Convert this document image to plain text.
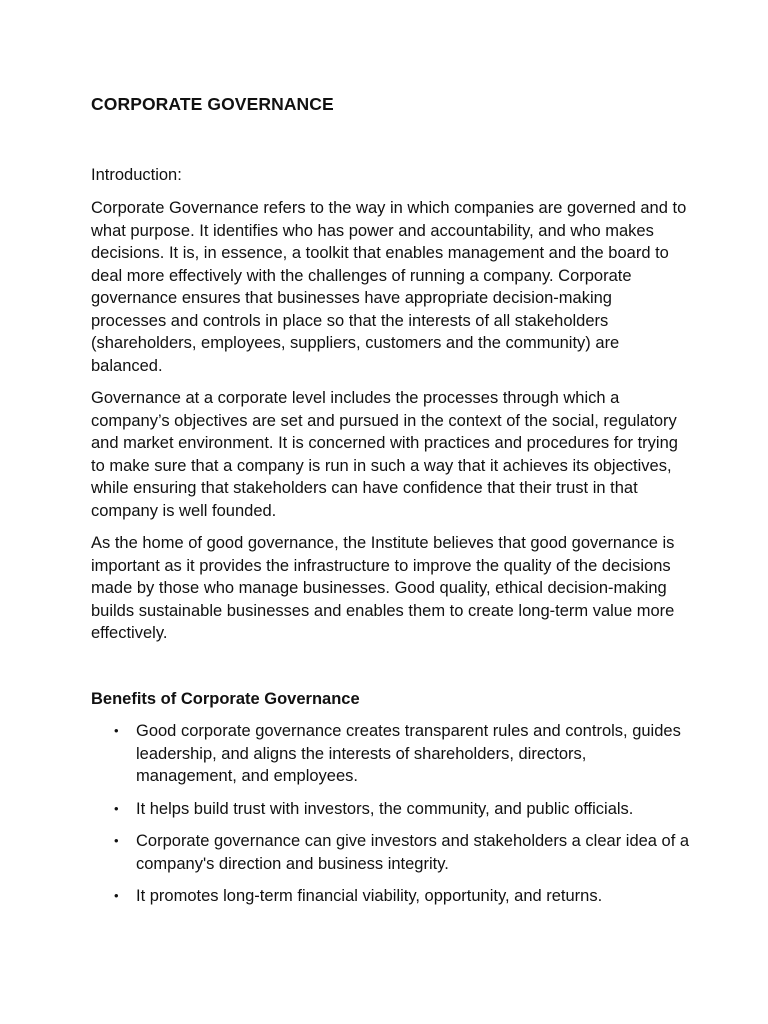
CORPORATE GOVERNANCE
Introduction:

Corporate Governance refers to the way in which companies are governed and to what purpose. It identifies who has power and accountability, and who makes decisions. It is, in essence, a toolkit that enables management and the board to deal more effectively with the challenges of running a company. Corporate governance ensures that businesses have appropriate decision-making processes and controls in place so that the interests of all stakeholders (shareholders, employees, suppliers, customers and the community) are balanced.

Governance at a corporate level includes the processes through which a company’s objectives are set and pursued in the context of the social, regulatory and market environment. It is concerned with practices and procedures for trying to make sure that a company is run in such a way that it achieves its objectives, while ensuring that stakeholders can have confidence that their trust in that company is well founded.

As the home of good governance, the Institute believes that good governance is important as it provides the infrastructure to improve the quality of the decisions made by those who manage businesses. Good quality, ethical decision-making builds sustainable businesses and enables them to create long-term value more effectively.

Benefits of Corporate Governance
• Good corporate governance creates transparent rules and controls, guides leadership, and aligns the interests of shareholders, directors, management, and employees.
• It helps build trust with investors, the community, and public officials.
• Corporate governance can give investors and stakeholders a clear idea of a company's direction and business integrity.
• It promotes long-term financial viability, opportunity, and returns.
